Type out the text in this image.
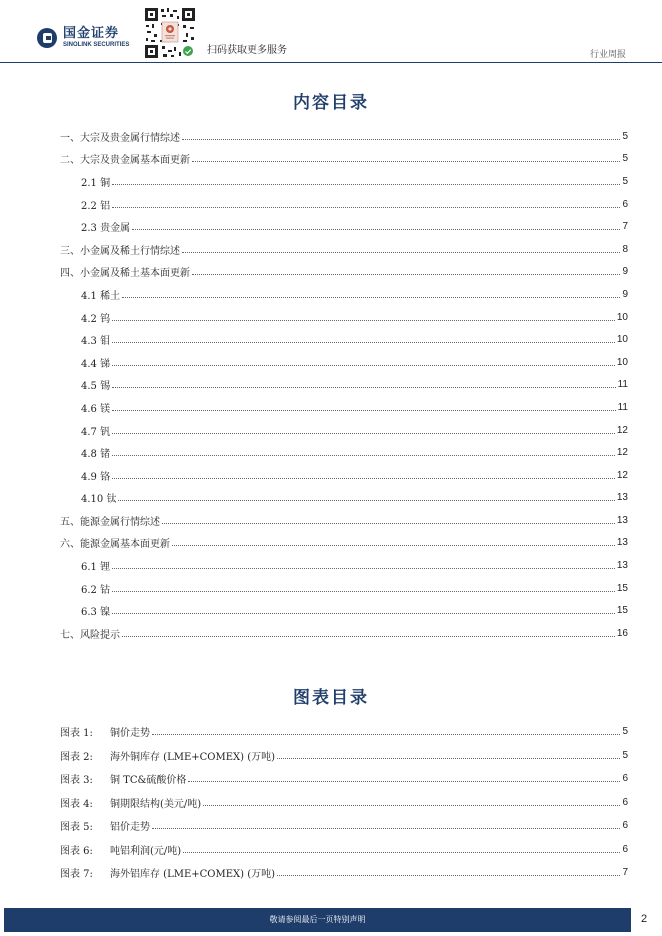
国金证券
SINOLINK SECURITIES	扫码获取更多服务	行业周报
内容目录
一、大宗及贵金属行情综述	5
二、大宗及贵金属基本面更新	5
2.1 铜	5
2.2 铝	6
2.3 贵金属	7
三、小金属及稀土行情综述	8
四、小金属及稀土基本面更新	9
4.1 稀土	9
4.2 钨	10
4.3 钼	10
4.4 锑	10
4.5 锡	11
4.6 镁	11
4.7 钒	12
4.8 锗	12
4.9 铬	12
4.10 钛	13
五、能源金属行情综述	13
六、能源金属基本面更新	13
6.1 锂	13
6.2 钴	15
6.3 镍	15
七、风险提示	16
图表目录
图表 1:	铜价走势	5
图表 2:	海外铜库存 (LME+COMEX) (万吨)	5
图表 3:	铜 TC&硫酸价格	6
图表 4:	铜期限结构(美元/吨)	6
图表 5:	铝价走势	6
图表 6:	吨铝利润(元/吨)	6
图表 7:	海外铝库存 (LME+COMEX) (万吨)	7
敬请参阅最后一页特别声明	2
